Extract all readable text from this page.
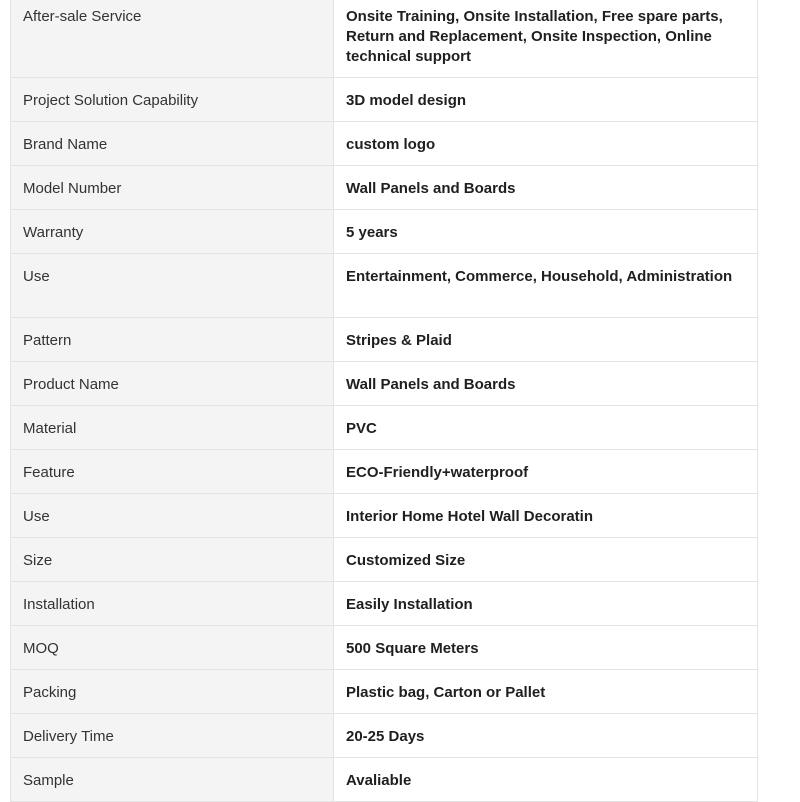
After-sale Service	Onsite Training, Onsite Installation, Free spare parts, Return and Replacement, Onsite Inspection, Online technical support
Project Solution Capability	3D model design
Brand Name	custom logo
Model Number	Wall Panels and Boards
Warranty	5 years
Use	Entertainment, Commerce, Household, Administration
Pattern	Stripes & Plaid
Product Name	Wall Panels and Boards
Material	PVC
Feature	ECO-Friendly+waterproof
Use	Interior Home Hotel Wall Decoratin
Size	Customized Size
Installation	Easily Installation
MOQ	500 Square Meters
Packing	Plastic bag, Carton or Pallet
Delivery Time	20-25 Days
Sample	Avaliable
